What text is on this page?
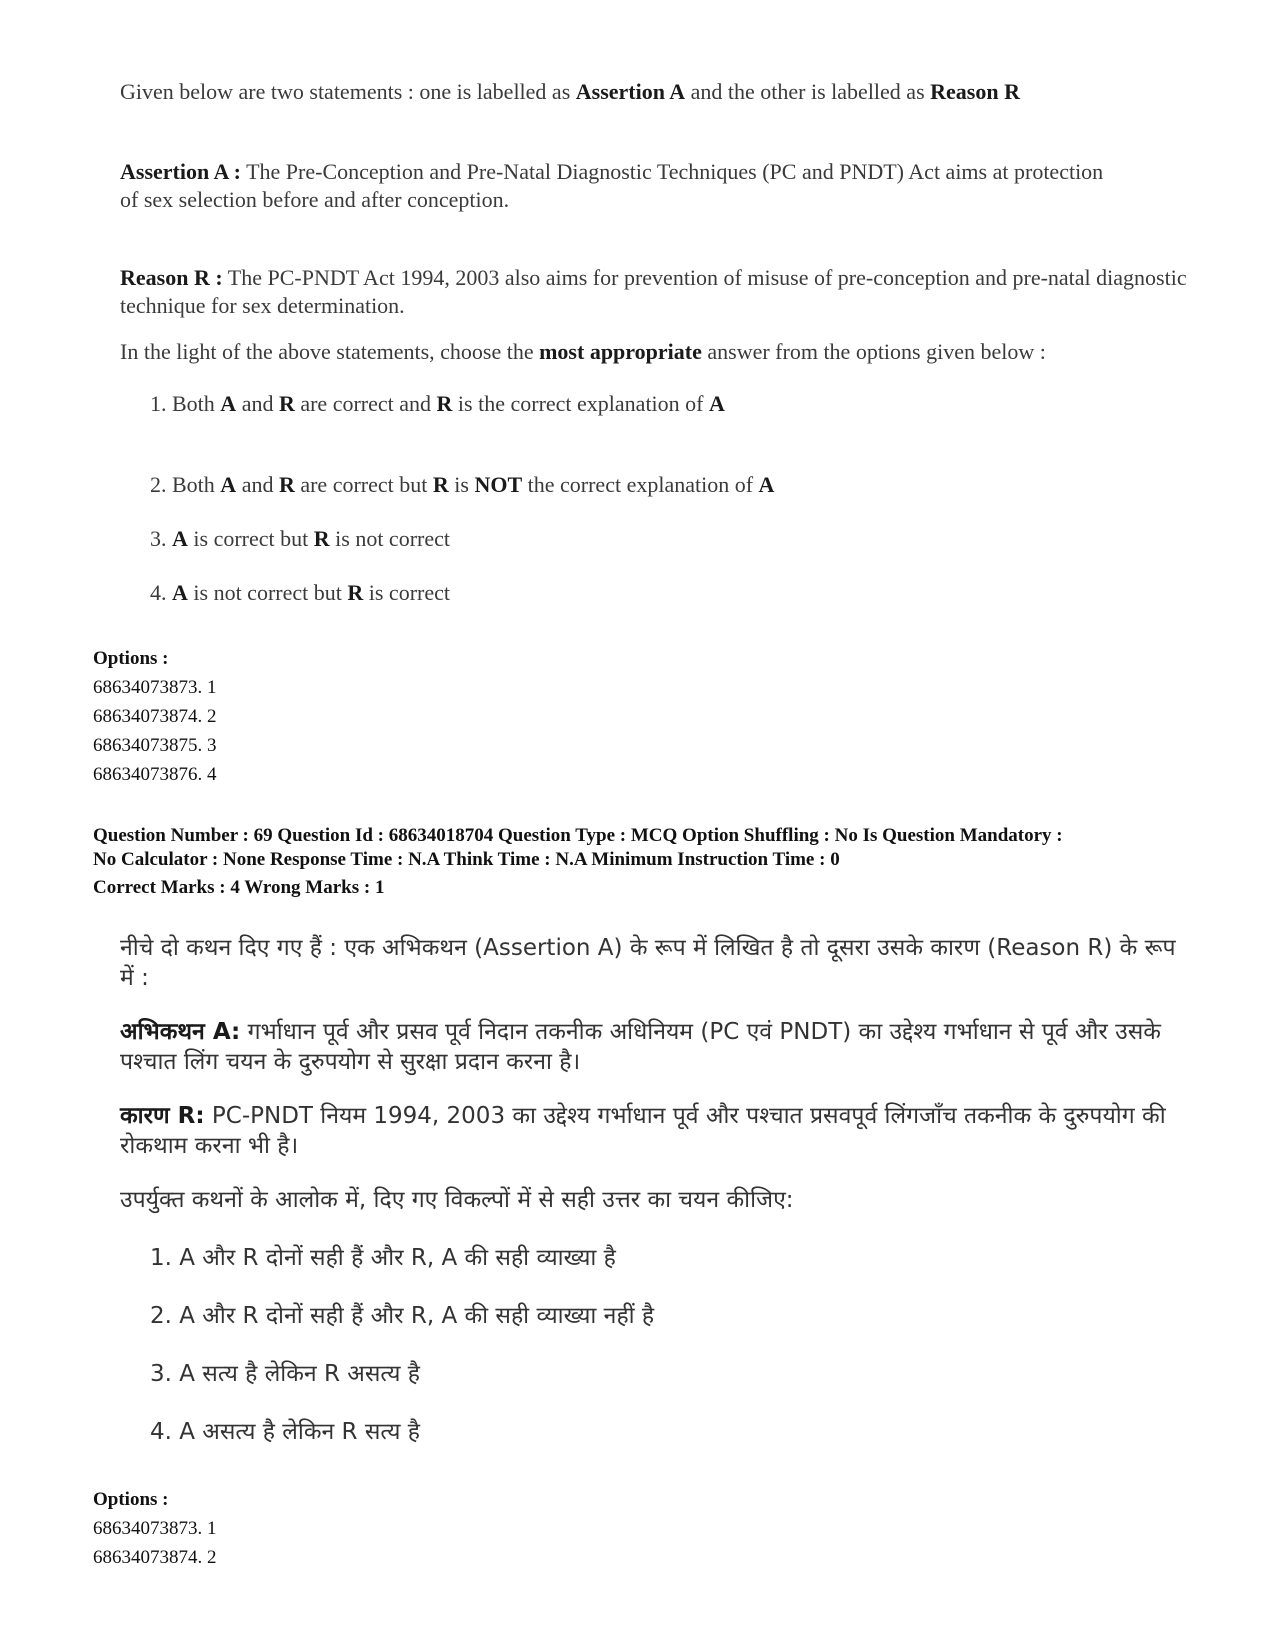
Given below are two statements : one is labelled as Assertion A and the other is labelled as Reason R

Assertion A : The Pre-Conception and Pre-Natal Diagnostic Techniques (PC and PNDT) Act aims at protection of sex selection before and after conception.

Reason R : The PC-PNDT Act 1994, 2003 also aims for prevention of misuse of pre-conception and pre-natal diagnostic technique for sex determination.

In the light of the above statements, choose the most appropriate answer from the options given below :

1. Both A and R are correct and R is the correct explanation of A

2. Both A and R are correct but R is NOT the correct explanation of A

3. A is correct but R is not correct

4. A is not correct but R is correct

Options :
68634073873. 1
68634073874. 2
68634073875. 3
68634073876. 4
Question Number : 69 Question Id : 68634018704 Question Type : MCQ Option Shuffling : No Is Question Mandatory :
No Calculator : None Response Time : N.A Think Time : N.A Minimum Instruction Time : 0
Correct Marks : 4 Wrong Marks : 1

नीचे दो कथन दिए गए हैं : एक अभिकथन (Assertion A) के रूप में लिखित है तो दूसरा उसके कारण (Reason R) के रूप में :

अभिकथन A: गर्भाधान पूर्व और प्रसव पूर्व निदान तकनीक अधिनियम (PC एवं PNDT) का उद्देश्य गर्भाधान से पूर्व और उसके पश्चात लिंग चयन के दुरुपयोग से सुरक्षा प्रदान करना है।

कारण R: PC-PNDT नियम 1994, 2003 का उद्देश्य गर्भाधान पूर्व और पश्चात प्रसवपूर्व लिंगजाँच तकनीक के दुरुपयोग की रोकथाम करना भी है।

उपर्युक्त कथनों के आलोक में, दिए गए विकल्पों में से सही उत्तर का चयन कीजिए:

1. A और R दोनों सही हैं और R, A की सही व्याख्या है

2. A और R दोनों सही हैं और R, A की सही व्याख्या नहीं है

3. A सत्य है लेकिन R असत्य है

4. A असत्य है लेकिन R सत्य है

Options :
68634073873. 1
68634073874. 2
